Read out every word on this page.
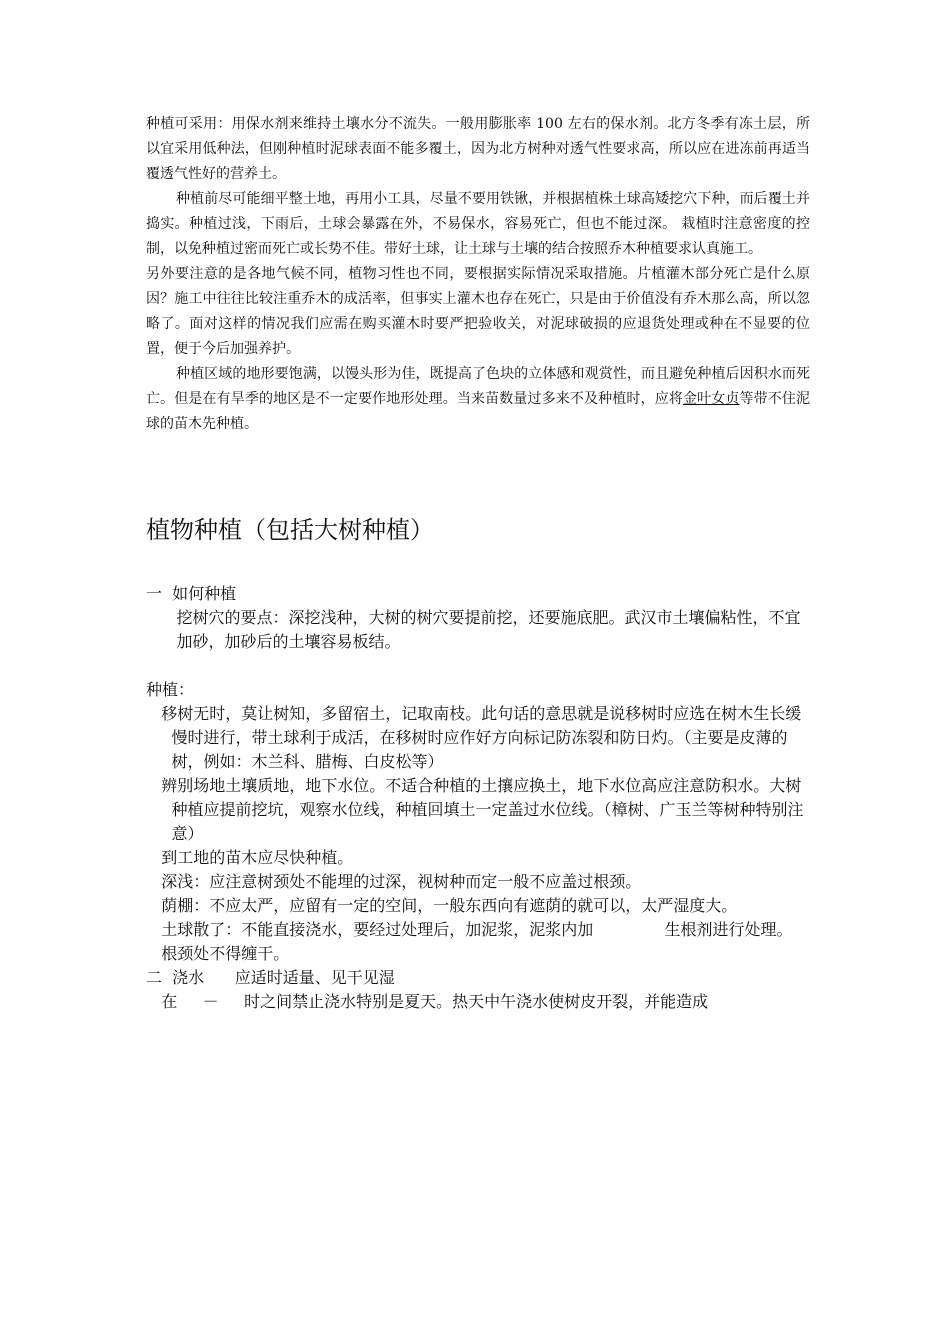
种植可采用：用保水剂来维持土壤水分不流失。一般用膨胀率 100 左右的保水剂。北方冬季有冻土层，所以宜采用低种法，但刚种植时泥球表面不能多覆土，因为北方树种对透气性要求高，所以应在进冻前再适当覆透气性好的营养土。

种植前尽可能细平整土地，再用小工具，尽量不要用铁锹，并根据植株土球高矮挖穴下种，而后覆土并捣实。种植过浅，下雨后，土球会暴露在外，不易保水，容易死亡，但也不能过深。 栽植时注意密度的控制，以免种植过密而死亡或长势不佳。带好土球，让土球与土壤的结合按照乔木种植要求认真施工。

另外要注意的是各地气候不同，植物习性也不同，要根据实际情况采取措施。片植灌木部分死亡是什么原因？施工中往往比较注重乔木的成活率，但事实上灌木也存在死亡，只是由于价值没有乔木那么高，所以忽略了。面对这样的情况我们应需在购买灌木时要严把验收关，对泥球破损的应退货处理或种在不显要的位置，便于今后加强养护。

种植区域的地形要饱满，以馒头形为佳，既提高了色块的立体感和观赏性，而且避免种植后因积水而死亡。但是在有旱季的地区是不一定要作地形处理。当来苗数量过多来不及种植时，应将金叶女贞等带不住泥球的苗木先种植。

植物种植（包括大树种植）

一  如何种植

挖树穴的要点：深挖浅种，大树的树穴要提前挖，还要施底肥。武汉市土壤偏粘性，不宜

加砂，加砂后的土壤容易板结。

种植：

移树无时，莫让树知，多留宿土，记取南枝。此句话的意思就是说移树时应选在树木生长缓

慢时进行，带土球利于成活，在移树时应作好方向标记防冻裂和防日灼。（主要是皮薄的

树，例如：木兰科、腊梅、白皮松等）

辨别场地土壤质地，地下水位。不适合种植的土攘应换土，地下水位高应注意防积水。大树

种植应提前挖坑，观察水位线，种植回填土一定盖过水位线。（樟树、广玉兰等树种特别注

意）

到工地的苗木应尽快种植。

深浅：应注意树颈处不能埋的过深，视树种而定一般不应盖过根颈。

荫棚：不应太严，应留有一定的空间，一般东西向有遮荫的就可以，太严湿度大。

土球散了：不能直接浇水，要经过处理后，加泥浆，泥浆内加              生根剂进行处理。

根颈处不得缠干。

二  浇水      应适时适量、见干见湿

在     －     时之间禁止浇水特别是夏天。热天中午浇水使树皮开裂，并能造成
